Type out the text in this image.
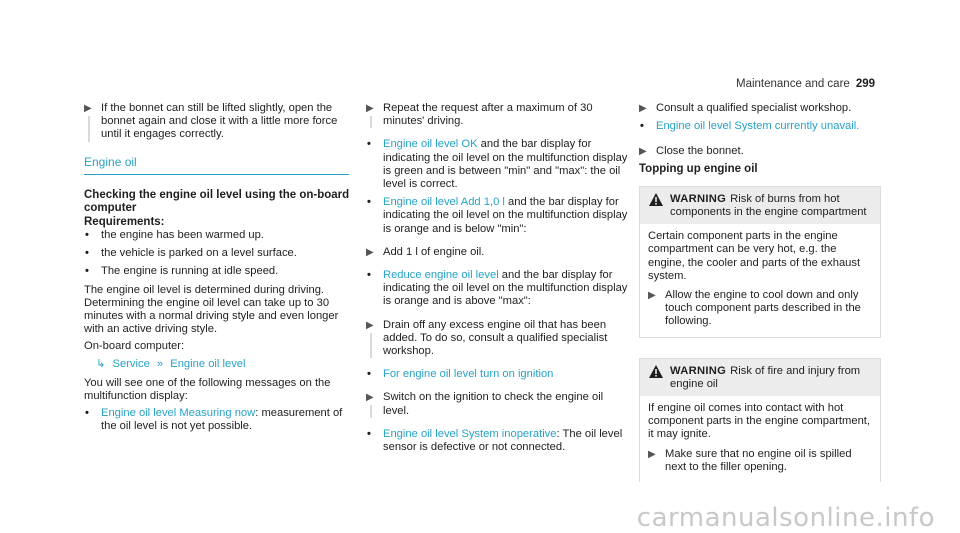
Maintenance and care 299
▶ If the bonnet can still be lifted slightly, open the bonnet again and close it with a little more force until it engages correctly.
Engine oil
Checking the engine oil level using the on-board computer
Requirements:
• the engine has been warmed up.
• the vehicle is parked on a level surface.
• The engine is running at idle speed.

The engine oil level is determined during driving. Determining the engine oil level can take up to 30 minutes with a normal driving style and even longer with an active driving style.

On-board computer:

↳ Service » Engine oil level

You will see one of the following messages on the multifunction display:

• Engine oil level Measuring now: measurement of the oil level is not yet possible.
▶ Repeat the request after a maximum of 30 minutes' driving.
• Engine oil level OK and the bar display for indicating the oil level on the multifunction display is green and is between "min" and "max": the oil level is correct.
• Engine oil level Add 1,0 l and the bar display for indicating the oil level on the multifunction display is orange and is below "min":
▶ Add 1 l of engine oil.
• Reduce engine oil level and the bar display for indicating the oil level on the multifunction display is orange and is above "max":
▶ Drain off any excess engine oil that has been added. To do so, consult a qualified specialist workshop.
• For engine oil level turn on ignition
▶ Switch on the ignition to check the engine oil level.
• Engine oil level System inoperative: The oil level sensor is defective or not connected.
▶ Consult a qualified specialist workshop.
• Engine oil level System currently unavail.
▶ Close the bonnet.
Topping up engine oil
WARNING Risk of burns from hot components in the engine compartment

Certain component parts in the engine compartment can be very hot, e.g. the engine, the cooler and parts of the exhaust system.

▶ Allow the engine to cool down and only touch component parts described in the following.
WARNING Risk of fire and injury from engine oil

If engine oil comes into contact with hot component parts in the engine compartment, it may ignite.

▶ Make sure that no engine oil is spilled next to the filler opening.
carmanualsonline.info
